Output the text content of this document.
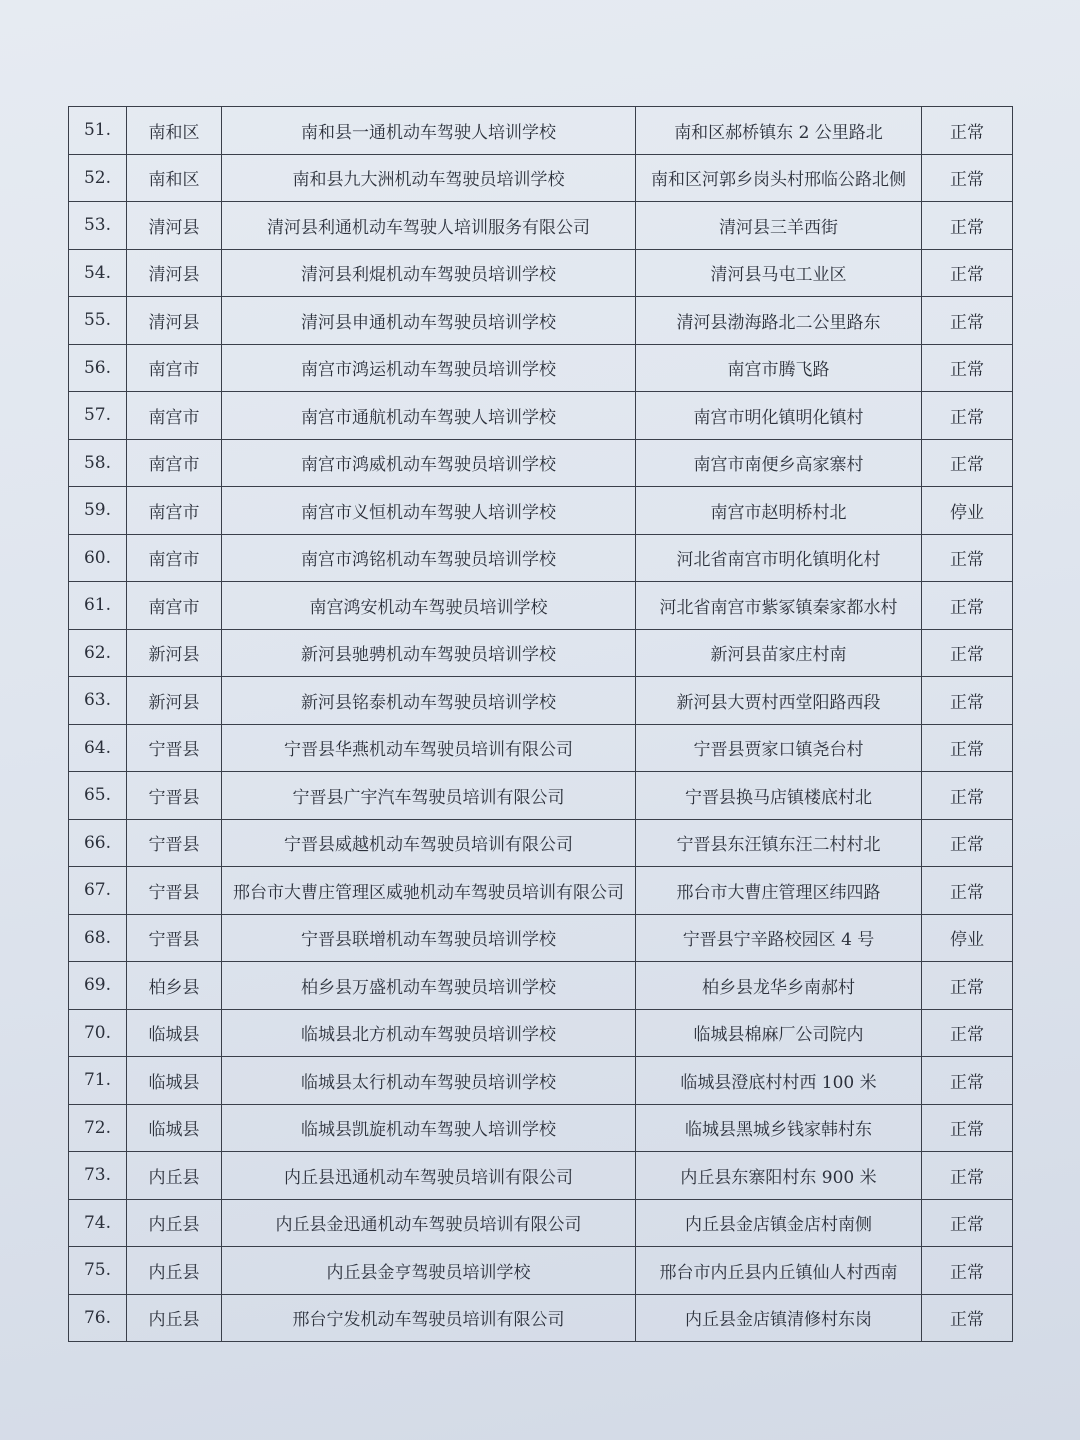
51.	南和区	南和县一通机动车驾驶人培训学校	南和区郝桥镇东 2 公里路北	正常
52.	南和区	南和县九大洲机动车驾驶员培训学校	南和区河郭乡岗头村邢临公路北侧	正常
53.	清河县	清河县利通机动车驾驶人培训服务有限公司	清河县三羊西街	正常
54.	清河县	清河县利焜机动车驾驶员培训学校	清河县马屯工业区	正常
55.	清河县	清河县申通机动车驾驶员培训学校	清河县渤海路北二公里路东	正常
56.	南宫市	南宫市鸿运机动车驾驶员培训学校	南宫市腾飞路	正常
57.	南宫市	南宫市通航机动车驾驶人培训学校	南宫市明化镇明化镇村	正常
58.	南宫市	南宫市鸿威机动车驾驶员培训学校	南宫市南便乡高家寨村	正常
59.	南宫市	南宫市义恒机动车驾驶人培训学校	南宫市赵明桥村北	停业
60.	南宫市	南宫市鸿铭机动车驾驶员培训学校	河北省南宫市明化镇明化村	正常
61.	南宫市	南宫鸿安机动车驾驶员培训学校	河北省南宫市紫冢镇秦家都水村	正常
62.	新河县	新河县驰骋机动车驾驶员培训学校	新河县苗家庄村南	正常
63.	新河县	新河县铭泰机动车驾驶员培训学校	新河县大贾村西堂阳路西段	正常
64.	宁晋县	宁晋县华燕机动车驾驶员培训有限公司	宁晋县贾家口镇尧台村	正常
65.	宁晋县	宁晋县广宇汽车驾驶员培训有限公司	宁晋县换马店镇楼底村北	正常
66.	宁晋县	宁晋县威越机动车驾驶员培训有限公司	宁晋县东汪镇东汪二村村北	正常
67.	宁晋县	邢台市大曹庄管理区威驰机动车驾驶员培训有限公司	邢台市大曹庄管理区纬四路	正常
68.	宁晋县	宁晋县联增机动车驾驶员培训学校	宁晋县宁辛路校园区 4 号	停业
69.	柏乡县	柏乡县万盛机动车驾驶员培训学校	柏乡县龙华乡南郝村	正常
70.	临城县	临城县北方机动车驾驶员培训学校	临城县棉麻厂公司院内	正常
71.	临城县	临城县太行机动车驾驶员培训学校	临城县澄底村村西 100 米	正常
72.	临城县	临城县凯旋机动车驾驶人培训学校	临城县黑城乡钱家韩村东	正常
73.	内丘县	内丘县迅通机动车驾驶员培训有限公司	内丘县东寨阳村东 900 米	正常
74.	内丘县	内丘县金迅通机动车驾驶员培训有限公司	内丘县金店镇金店村南侧	正常
75.	内丘县	内丘县金亨驾驶员培训学校	邢台市内丘县内丘镇仙人村西南	正常
76.	内丘县	邢台宁发机动车驾驶员培训有限公司	内丘县金店镇清修村东岗	正常
